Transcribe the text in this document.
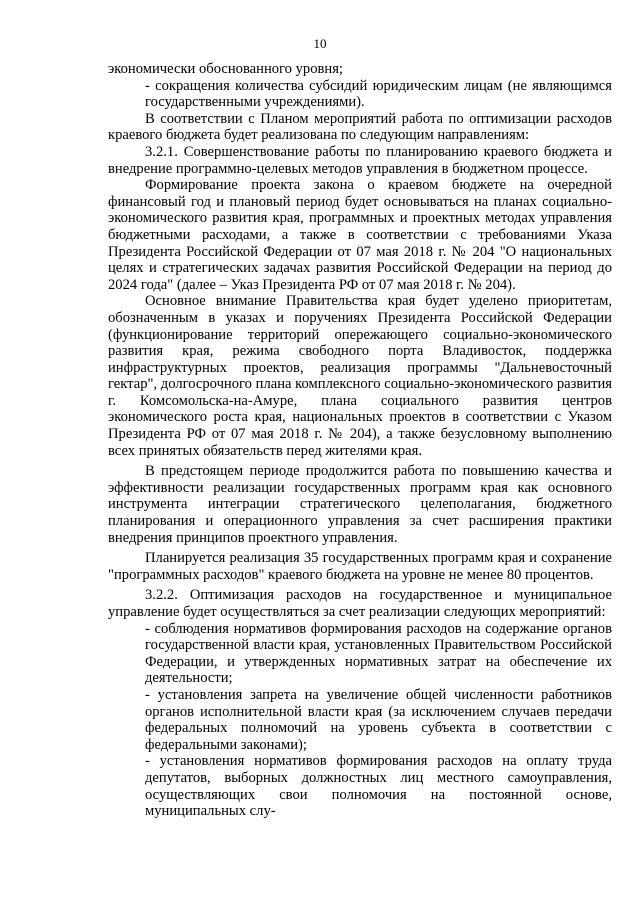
10

экономически обоснованного уровня;

- сокращения количества субсидий юридическим лицам (не являющимся государственными учреждениями).

В соответствии с Планом мероприятий работа по оптимизации расходов краевого бюджета будет реализована по следующим направлениям:

3.2.1. Совершенствование работы по планированию краевого бюджета и внедрение программно-целевых методов управления в бюджетном процессе.

Формирование проекта закона о краевом бюджете на очередной финансовый год и плановый период будет основываться на планах социально-экономического развития края, программных и проектных методах управления бюджетными расходами, а также в соответствии с требованиями Указа Президента Российской Федерации от 07 мая 2018 г. № 204 "О национальных целях и стратегических задачах развития Российской Федерации на период до 2024 года" (далее – Указ Президента РФ от 07 мая 2018 г. № 204).

Основное внимание Правительства края будет уделено приоритетам, обозначенным в указах и поручениях Президента Российской Федерации (функционирование территорий опережающего социально-экономического развития края, режима свободного порта Владивосток, поддержка инфраструктурных проектов, реализация программы "Дальневосточный гектар", долгосрочного плана комплексного социально-экономического развития г. Комсомольска-на-Амуре, плана социального развития центров экономического роста края, национальных проектов в соответствии с Указом Президента РФ от 07 мая 2018 г. № 204), а также безусловному выполнению всех принятых обязательств перед жителями края.

В предстоящем периоде продолжится работа по повышению качества и эффективности реализации государственных программ края как основного инструмента интеграции стратегического целеполагания, бюджетного планирования и операционного управления за счет расширения практики внедрения принципов проектного управления.

Планируется реализация 35 государственных программ края и сохранение "программных расходов" краевого бюджета на уровне не менее 80 процентов.

3.2.2. Оптимизация расходов на государственное и муниципальное управление будет осуществляться за счет реализации следующих мероприятий:

- соблюдения нормативов формирования расходов на содержание органов государственной власти края, установленных Правительством Российской Федерации, и утвержденных нормативных затрат на обеспечение их деятельности;

- установления запрета на увеличение общей численности работников органов исполнительной власти края (за исключением случаев передачи федеральных полномочий на уровень субъекта в соответствии с федеральными законами);

- установления нормативов формирования расходов на оплату труда депутатов, выборных должностных лиц местного самоуправления, осуществляющих свои полномочия на постоянной основе, муниципальных слу-
